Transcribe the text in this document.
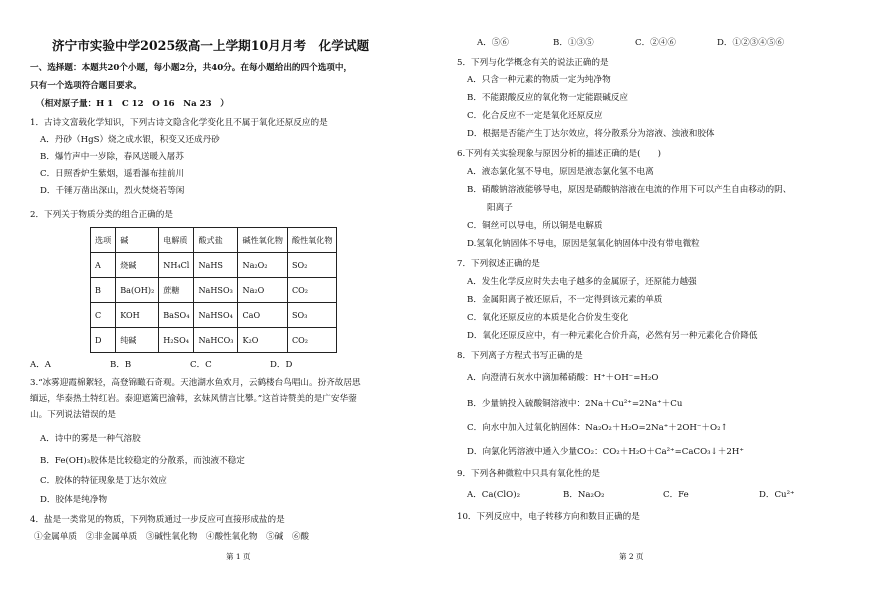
济宁市实验中学2025级高一上学期10月月考　化学试题
一、选择题：本题共20个小题，每小题2分，共40分。在每小题给出的四个选项中，
只有一个选项符合题目要求。
（相对原子量：H 1　C 12　O 16　Na 23　）
1．古诗文富载化学知识，下列古诗文隐含化学变化且不属于氧化还原反应的是
A．丹砂（HgS）烧之成水银，积变又还成丹砂
B．爆竹声中一岁除，春风送暖入屠苏
C．日照香炉生紫烟，遥看瀑布挂前川
D．千锤万凿出深山，烈火焚烧若等闲
2．下列关于物质分类的组合正确的是
选项	碱	电解质	酸式盐	碱性氧化物	酸性氧化物
A	烧碱	NH₄Cl	NaHS	Na₂O₂	SO₂
B	Ba(OH)₂	蔗糖	NaHSO₃	Na₂O	CO₂
C	KOH	BaSO₄	NaHSO₄	CaO	SO₃
D	纯碱	H₂SO₄	NaHCO₃	K₂O	CO₂
A．A	B．B	C．C	D．D
3.“冰雾迎霞棉絮轻，高登锦瞰石奇观。天池湖水鱼欢月，云鹤楼台鸟唱山。扮齐故居思
缅远，华泰热土特红岩。泰迎遮篱巴渝韩，玄妹风情言比攀。”这首诗赞美的是广安华蓥
山。下列说法错误的是
A．诗中的雾是一种气溶胶
B．Fe(OH)₃胶体是比较稳定的分散系，而浊液不稳定
C．胶体的特征现象是丁达尔效应
D．胶体是纯净物
4．盐是一类常见的物质，下列物质通过一步反应可直接形成盐的是
①金属单质　②非金属单质　③碱性氧化物　④酸性氧化物　⑤碱　⑥酸
第 1 页
A．⑤⑥	B．①③⑤	C．②④⑥	D．①②③④⑤⑥
5．下列与化学概念有关的说法正确的是
A．只含一种元素的物质一定为纯净物
B．不能跟酸反应的氧化物一定能跟碱反应
C．化合反应不一定是氧化还原反应
D．根据是否能产生丁达尔效应，将分散系分为溶液、浊液和胶体
6.下列有关实验现象与原因分析的描述正确的是(　　)
A．液态氯化氢不导电，原因是液态氯化氢不电离
B．硝酸钠溶液能够导电，原因是硝酸钠溶液在电流的作用下可以产生自由移动的阴、
阳离子
C．铜丝可以导电，所以铜是电解质
D.氢氧化钠固体不导电，原因是氢氧化钠固体中没有带电微粒
7．下列叙述正确的是
A．发生化学反应时失去电子越多的金属原子，还原能力越强
B．金属阳离子被还原后，不一定得到该元素的单质
C．氧化还原反应的本质是化合价发生变化
D．氧化还原反应中，有一种元素化合价升高，必然有另一种元素化合价降低
8．下列离子方程式书写正确的是
A．向澄清石灰水中滴加稀硝酸：H⁺＋OH⁻=H₂O
B．少量钠投入硫酸铜溶液中：2Na＋Cu²⁺=2Na⁺＋Cu
C．向水中加入过氧化钠固体：Na₂O₂＋H₂O=2Na⁺＋2OH⁻＋O₂↑
D．向氯化钙溶液中通入少量CO₂：CO₂＋H₂O＋Ca²⁺=CaCO₃↓＋2H⁺
9．下列各种微粒中只具有氧化性的是
A．Ca(ClO)₂	B．Na₂O₂	C．Fe	D．Cu²⁺
10．下列反应中，电子转移方向和数目正确的是
第 2 页
